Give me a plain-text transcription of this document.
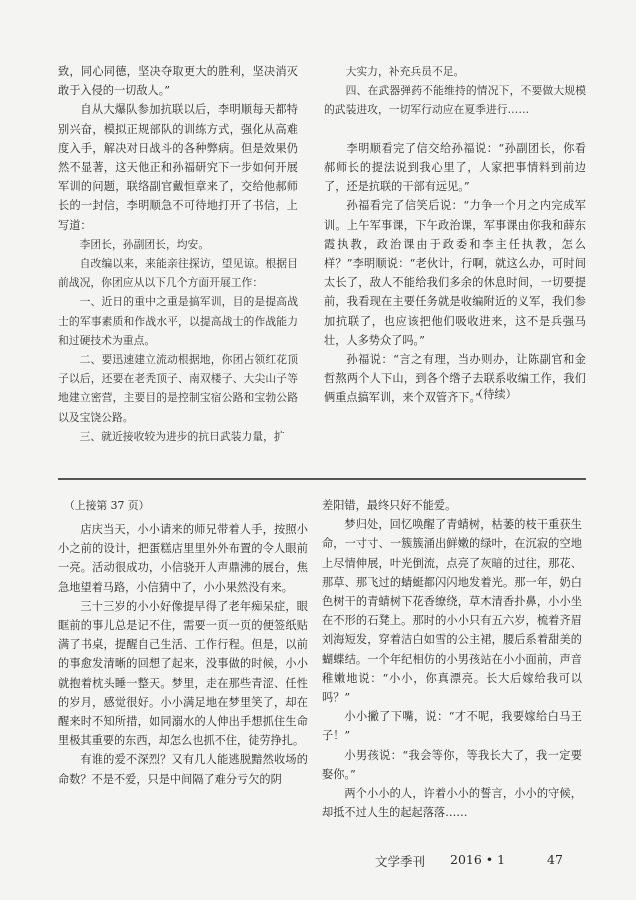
致，同心同德，坚决夺取更大的胜利，坚决消灭敢于入侵的一切敌人。”

自从大爆队参加抗联以后，李明顺每天都特别兴奋，模拟正规部队的训练方式，强化从高难度入手，解决对日战斗的各种弊病。但是效果仍然不显著，这天他正和孙福研究下一步如何开展军训的问题，联络副官戴恒章来了，交给他郝师长的一封信，李明顺急不可待地打开了书信，上写道：

李团长，孙副团长，均安。

自改编以来，来能亲往探访，望见谅。根据目前战况，你团应从以下几个方面开展工作：

一、近日的重中之重是搞军训，目的是提高战士的军事素质和作战水平，以提高战士的作战能力和过硬技术为重点。

二、要迅速建立流动根据地，你团占领红花顶子以后，还要在老秃顶子、南双楼子、大尖山子等地建立密营，主要目的是控制宝宿公路和宝勃公路以及宝饶公路。

三、就近接收较为进步的抗日武装力量，扩

大实力，补充兵员不足。

四、在武器弹药不能维持的情况下，不要做大规模的武装进攻，一切军行动应在夏季进行……

李明顺看完了信交给孙福说：“孙副团长，你看郝师长的提法说到我心里了，人家把事情料到前边了，还是抗联的干部有远见。”

孙福看完了信笑后说：“力争一个月之内完成军训。上午军事课，下午政治课，军事课由你我和薛东霞执教，政治课由于政委和李主任执教，怎么样？”李明顺说：“老伙计，行啊，就这么办，可时间太长了，敌人不能给我们多余的休息时间，一切要提前，我看现在主要任务就是收编附近的义军，我们参加抗联了，也应该把他们吸收进来，这不是兵强马壮，人多势众了吗。”

孙福说：“言之有理，当办则办，让陈副官和金哲熬两个人下山，到各个绺子去联系收编工作，我们俩重点搞军训，来个双管齐下。”

（待续）
（上接第 37 页）

店庆当天，小小请来的师兄带着人手，按照小小之前的设计，把蛋糕店里里外外布置的令人眼前一亮。活动很成功，小信骁开人声鼎沸的展台，焦急地望着马路，小信猜中了，小小果然没有来。

三十三岁的小小好像提早得了老年痴呆症，眼眶前的事儿总是记不住，需要一页一页的便签纸贴满了书桌，提醒自己生活、工作行程。但是，以前的事愈发清晰的回想了起来，没事做的时候，小小就抱着枕头睡一整天。梦里，走在那些青涩、任性的岁月，感觉很好。小小满足地在梦里笑了，却在醒来时不知所措，如同溺水的人伸出手想抓住生命里极其重要的东西，却怎么也抓不住，徒劳挣扎。

有谁的爱不深烈？又有几人能逃脱黯然收场的命数？不是不爱，只是中间隔了难分亏欠的阴

差阳错，最终只好不能爱。

梦归处，回忆唤醒了青蜻树，枯萎的枝干重获生命，一寸寸、一簇簇涌出鲜嫩的绿叶，在沉寂的空地上尽情伸展，叶光倒流，点亮了灰暗的过往，那花、那草、那飞过的蜻蜓都闪闪地发着光。那一年，奶白色树干的青蜻树下花香缭绕，草木清香扑鼻，小小坐在不形的石凳上。那时的小小只有五六岁，梳着齐眉刘海短发，穿着洁白如雪的公主裙，腰后系着甜美的蝴蝶结。一个年纪相仿的小男孩站在小小面前，声音稚嫩地说：“小小，你真漂亮。长大后嫁给我可以吗？”

小小撇了下嘴，说：“才不呢，我要嫁给白马王子！”

小男孩说：“我会等你，等我长大了，我一定要娶你。”

两个小小的人，许着小小的誓言，小小的守候，却抵不过人生的起起落落……

文学季刊 2016 • 1	47
